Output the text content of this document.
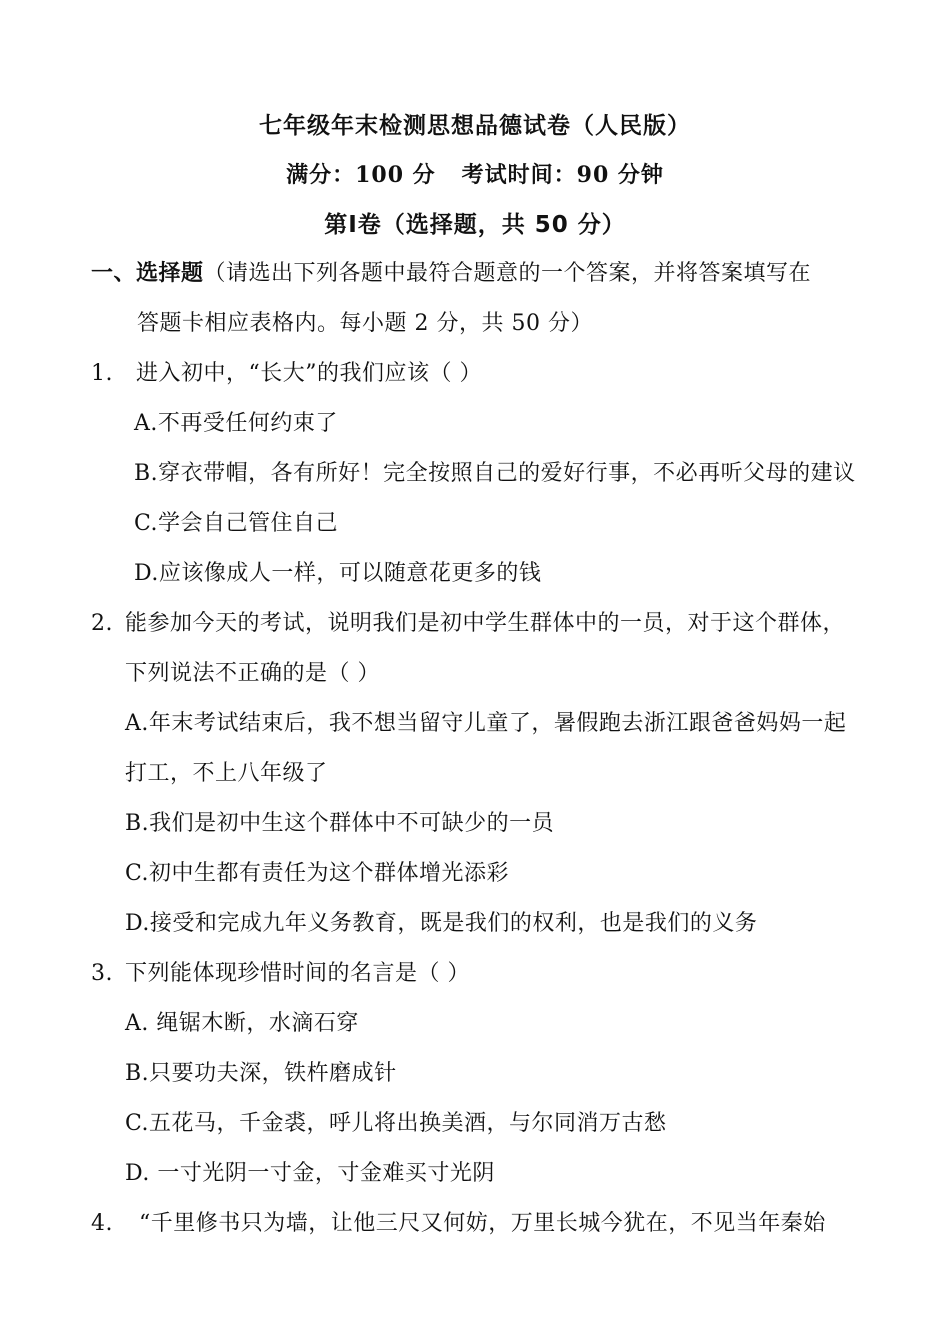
七年级年末检测思想品德试卷（人民版）
满分：100 分   考试时间：90 分钟
第Ⅰ卷（选择题，共 50 分）
一、选择题（请选出下列各题中最符合题意的一个答案，并将答案填写在
答题卡相应表格内。每小题 2 分，共 50 分）
1. 进入初中，“长大”的我们应该（ ）
A.不再受任何约束了
B.穿衣带帽，各有所好！完全按照自己的爱好行事，不必再听父母的建议
C.学会自己管住自己
D.应该像成人一样，可以随意花更多的钱
2. 能参加今天的考试，说明我们是初中学生群体中的一员，对于这个群体，
下列说法不正确的是（ ）
A.年末考试结束后，我不想当留守儿童了，暑假跑去浙江跟爸爸妈妈一起
打工，不上八年级了
B.我们是初中生这个群体中不可缺少的一员
C.初中生都有责任为这个群体增光添彩
D.接受和完成九年义务教育，既是我们的权利，也是我们的义务
3. 下列能体现珍惜时间的名言是（ ）
A. 绳锯木断，水滴石穿
B.只要功夫深，铁杵磨成针
C.五花马，千金裘，呼儿将出换美酒，与尔同消万古愁
D. 一寸光阴一寸金，寸金难买寸光阴
4. “千里修书只为墙，让他三尺又何妨，万里长城今犹在，不见当年秦始
